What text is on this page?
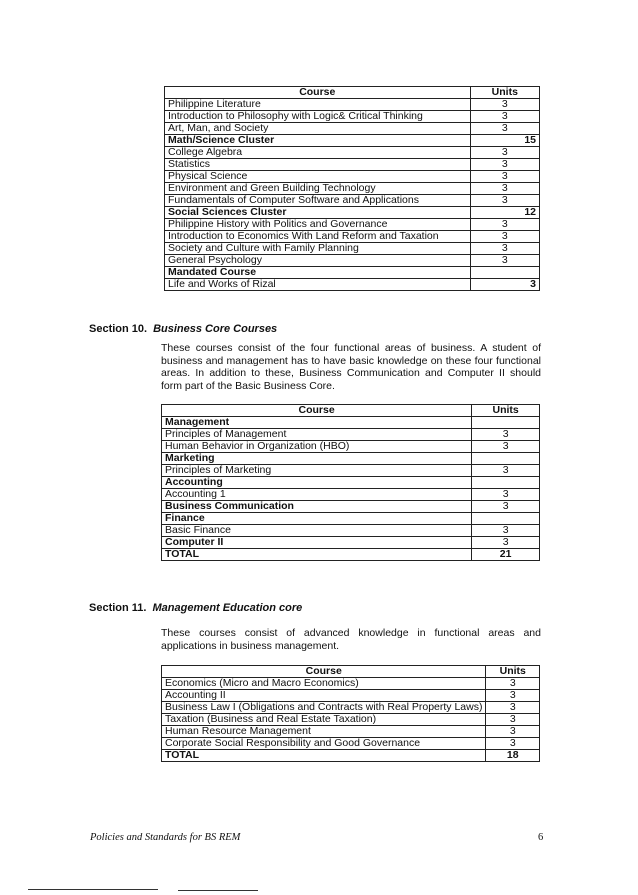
Course	Units
Philippine Literature	3
Introduction to Philosophy with Logic& Critical Thinking	3
Art, Man, and Society	3
Math/Science Cluster	15
College Algebra	3
Statistics	3
Physical Science	3
Environment and Green Building Technology	3
Fundamentals of Computer Software and Applications	3
Social Sciences Cluster	12
Philippine History with Politics and Governance	3
Introduction to Economics With Land Reform and Taxation	3
Society and Culture with Family Planning	3
General Psychology	3
Mandated Course	
Life and Works of Rizal	3
Section 10. Business Core Courses
These courses consist of the four functional areas of business. A student of business and management has to have basic knowledge on these four functional areas. In addition to these, Business Communication and Computer II should form part of the Basic Business Core.
Course	Units
Management	
Principles of Management	3
Human Behavior in Organization (HBO)	3
Marketing	
Principles of Marketing	3
Accounting	
Accounting 1	3
Business Communication	3
Finance	
Basic Finance	3
Computer II	3
TOTAL	21
Section 11. Management Education core
These courses consist of advanced knowledge in functional areas and applications in business management.
Course	Units
Economics (Micro and Macro Economics)	3
Accounting II	3
Business Law I (Obligations and Contracts with Real Property Laws)	3
Taxation (Business and Real Estate Taxation)	3
Human Resource Management	3
Corporate Social Responsibility and Good Governance	3
TOTAL	18
Policies and Standards for BS REM	6
